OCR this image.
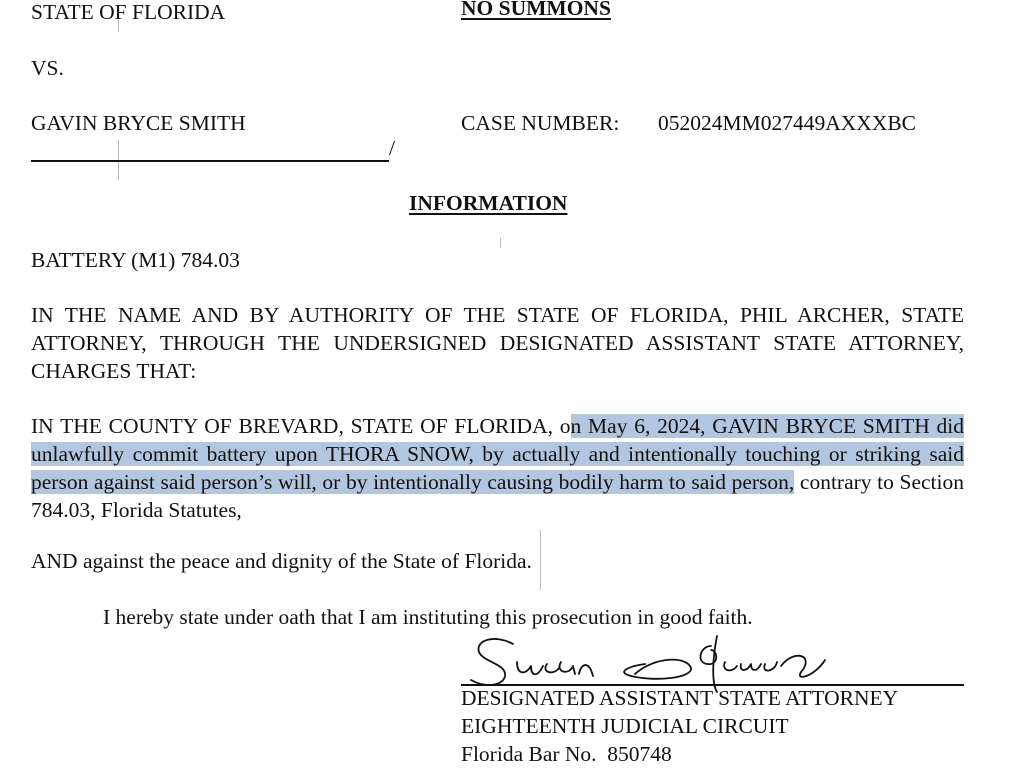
STATE OF FLORIDA	NO SUMMONS
VS.
GAVIN BRYCE SMITH	CASE NUMBER: 052024MM027449AXXXBC
/
INFORMATION
BATTERY (M1) 784.03

IN THE NAME AND BY AUTHORITY OF THE STATE OF FLORIDA, PHIL ARCHER, STATE ATTORNEY, THROUGH THE UNDERSIGNED DESIGNATED ASSISTANT STATE ATTORNEY, CHARGES THAT:

IN THE COUNTY OF BREVARD, STATE OF FLORIDA, on May 6, 2024, GAVIN BRYCE SMITH did unlawfully commit battery upon THORA SNOW, by actually and intentionally touching or striking said person against said person’s will, or by intentionally causing bodily harm to said person, contrary to Section 784.03, Florida Statutes,

AND against the peace and dignity of the State of Florida.
I hereby state under oath that I am instituting this prosecution in good faith.
DESIGNATED ASSISTANT STATE ATTORNEY
EIGHTEENTH JUDICIAL CIRCUIT
Florida Bar No.  850748
